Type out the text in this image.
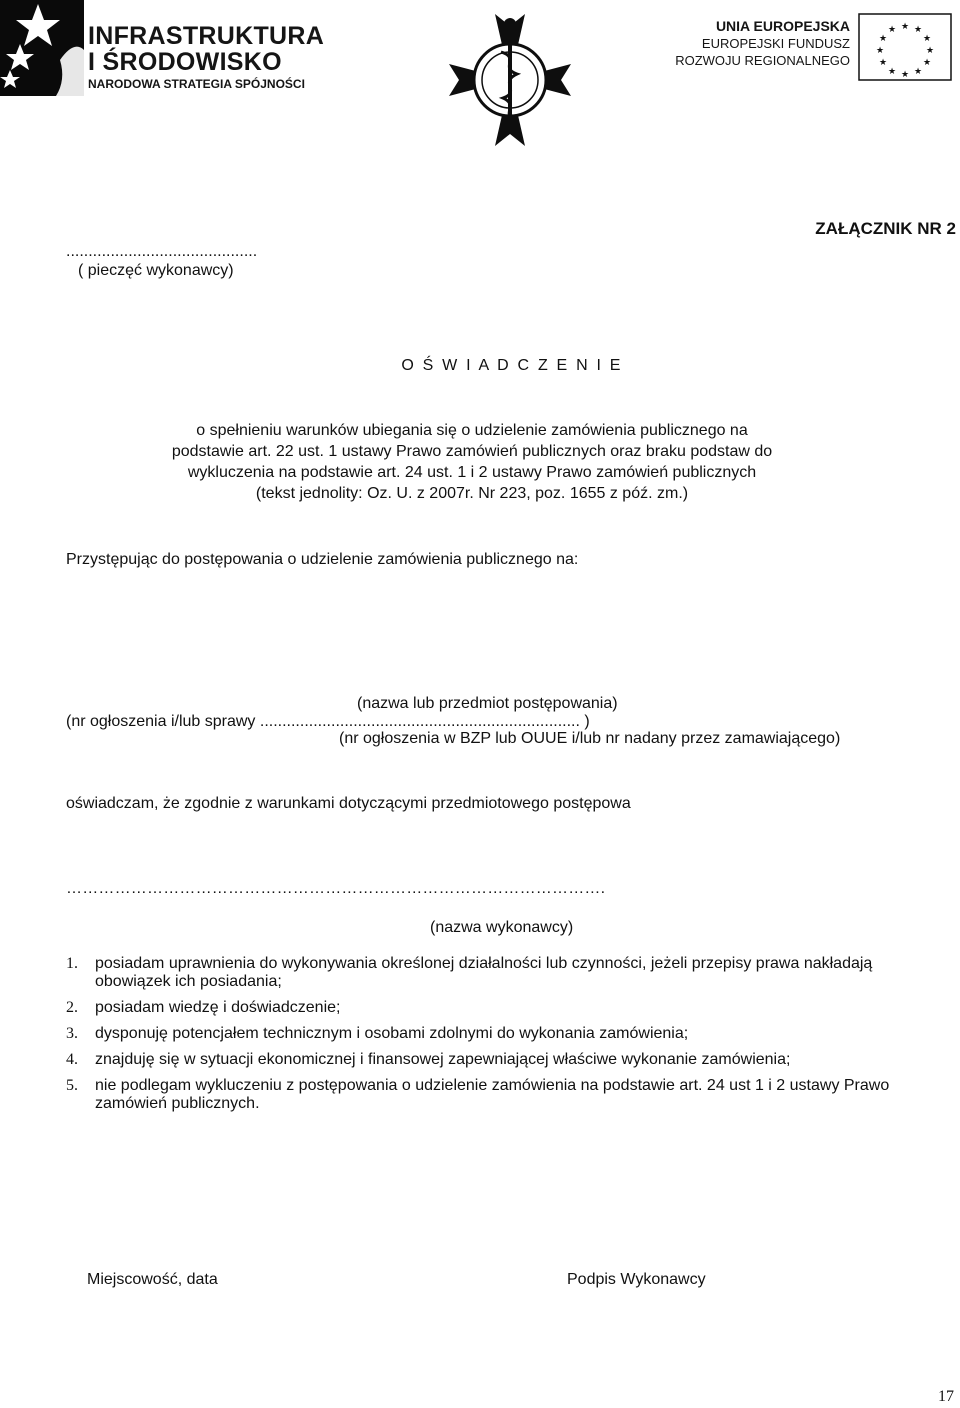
INFRASTRUKTURA
I ŚRODOWISKO
NARODOWA STRATEGIA SPÓJNOŚCI
UNIA EUROPEJSKA
EUROPEJSKI FUNDUSZ
ROZWOJU REGIONALNEGO
★ ★
★
★
★
★
★
★
★
★
★
★
ZAŁĄCZNIK NR 2
...........................................
( pieczęć wykonawcy)
O Ś W I A D C Z E N I E
o spełnieniu warunków ubiegania się o udzielenie zamówienia publicznego na podstawie art. 22 ust. 1 ustawy Prawo zamówień publicznych oraz braku podstaw do wykluczenia na podstawie art. 24 ust. 1 i 2 ustawy Prawo zamówień publicznych (tekst jednolity: Oz. U. z 2007r. Nr 223, poz. 1655 z póź. zm.)
Przystępując do postępowania o udzielenie zamówienia publicznego na:
(nazwa lub przedmiot postępowania)
(nr ogłoszenia i/lub sprawy ........................................................................ )
(nr ogłoszenia w BZP lub OUUE i/lub nr nadany przez zamawiającego)
oświadczam, że zgodnie z warunkami dotyczącymi przedmiotowego postępowa
……………………………………………………………………………………….
(nazwa wykonawcy)
1. posiadam uprawnienia do wykonywania określonej działalności lub czynności, jeżeli przepisy prawa nakładają obowiązek ich posiadania;
2. posiadam wiedzę i doświadczenie;
3. dysponuję potencjałem technicznym i osobami zdolnymi do wykonania zamówienia;
4. znajduję się w sytuacji ekonomicznej i finansowej zapewniającej właściwe wykonanie zamówienia;
5. nie podlegam wykluczeniu z postępowania o udzielenie zamówienia na podstawie art. 24 ust 1 i 2 ustawy Prawo zamówień publicznych.
Miejscowość, data	Podpis Wykonawcy
17
